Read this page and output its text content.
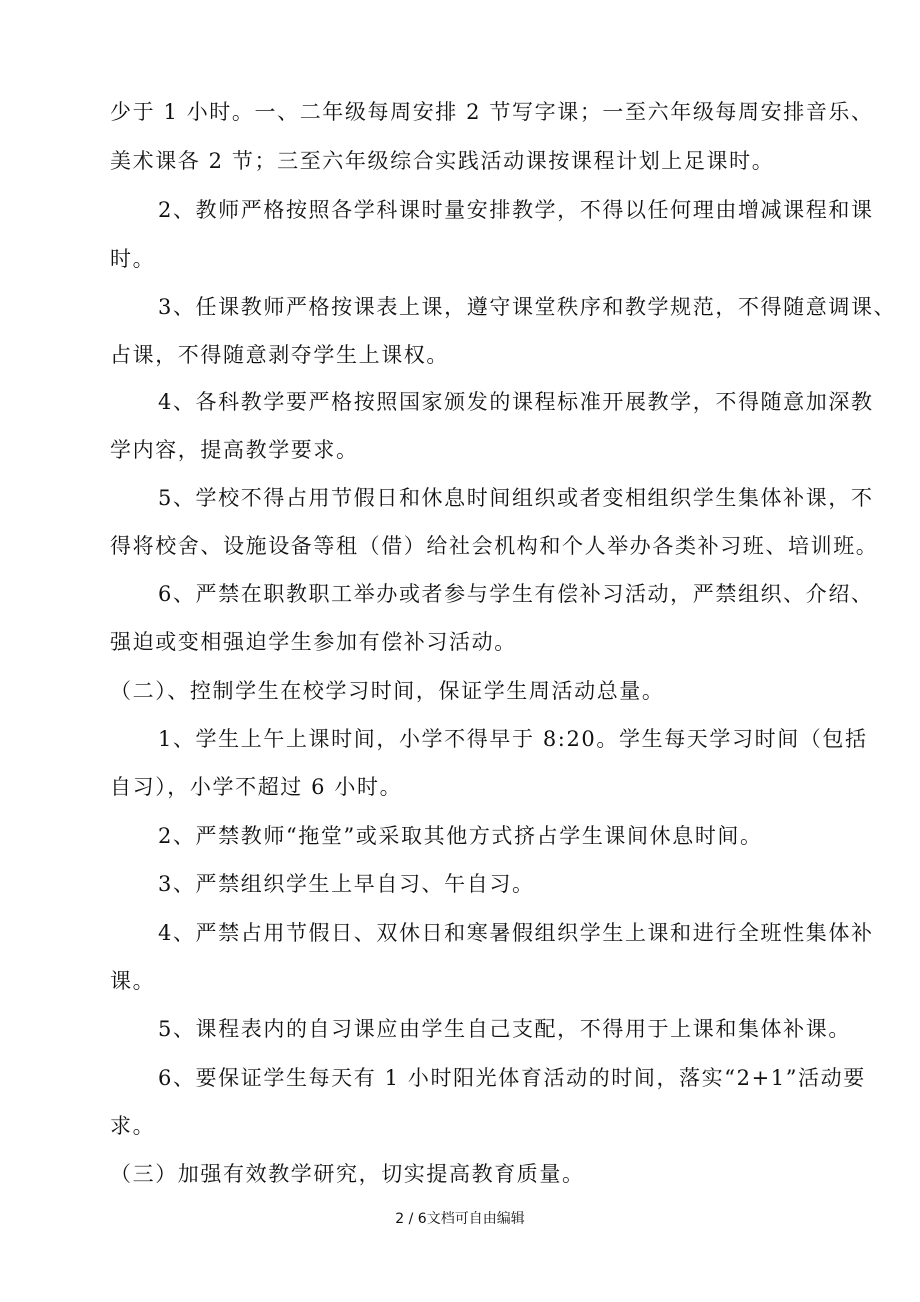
少于 1 小时。一、二年级每周安排 2 节写字课；一至六年级每周安排音乐、
美术课各 2 节；三至六年级综合实践活动课按课程计划上足课时。
2、教师严格按照各学科课时量安排教学，不得以任何理由增减课程和课
时。
3、任课教师严格按课表上课，遵守课堂秩序和教学规范，不得随意调课、
占课，不得随意剥夺学生上课权。
4、各科教学要严格按照国家颁发的课程标准开展教学，不得随意加深教
学内容，提高教学要求。
5、学校不得占用节假日和休息时间组织或者变相组织学生集体补课，不
得将校舍、设施设备等租（借）给社会机构和个人举办各类补习班、培训班。
6、严禁在职教职工举办或者参与学生有偿补习活动，严禁组织、介绍、
强迫或变相强迫学生参加有偿补习活动。
（二）、控制学生在校学习时间，保证学生周活动总量。
1、学生上午上课时间，小学不得早于 8:20。学生每天学习时间（包括
自习），小学不超过 6 小时。
2、严禁教师“拖堂”或采取其他方式挤占学生课间休息时间。
3、严禁组织学生上早自习、午自习。
4、严禁占用节假日、双休日和寒暑假组织学生上课和进行全班性集体补
课。
5、课程表内的自习课应由学生自己支配，不得用于上课和集体补课。
6、要保证学生每天有 1 小时阳光体育活动的时间，落实“2+1”活动要
求。
（三）加强有效教学研究，切实提高教育质量。
2 / 6文档可自由编辑
